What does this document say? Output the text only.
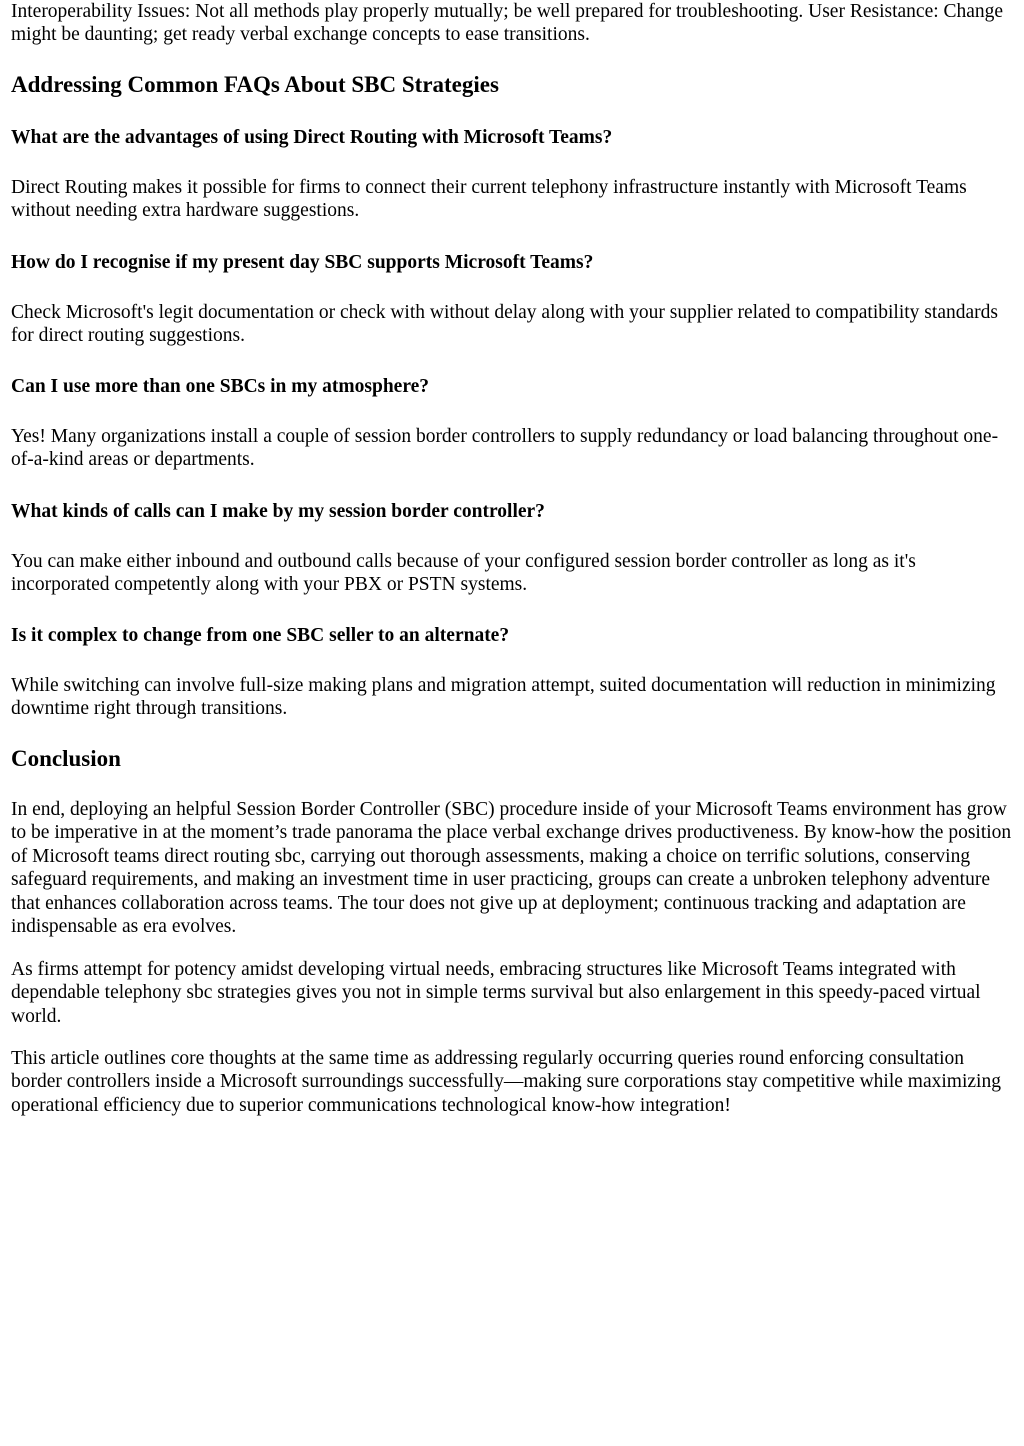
Interoperability Issues: Not all methods play properly mutually; be well prepared for troubleshooting. User Resistance: Change might be daunting; get ready verbal exchange concepts to ease transitions.

Addressing Common FAQs About SBC Strategies
What are the advantages of using Direct Routing with Microsoft Teams?

Direct Routing makes it possible for firms to connect their current telephony infrastructure instantly with Microsoft Teams without needing extra hardware suggestions.

How do I recognise if my present day SBC supports Microsoft Teams?

Check Microsoft's legit documentation or check with without delay along with your supplier related to compatibility standards for direct routing suggestions.

Can I use more than one SBCs in my atmosphere?

Yes! Many organizations install a couple of session border controllers to supply redundancy or load balancing throughout one-of-a-kind areas or departments.

What kinds of calls can I make by my session border controller?

You can make either inbound and outbound calls because of your configured session border controller as long as it's incorporated competently along with your PBX or PSTN systems.

Is it complex to change from one SBC seller to an alternate?

While switching can involve full-size making plans and migration attempt, suited documentation will reduction in minimizing downtime right through transitions.

Conclusion

In end, deploying an helpful Session Border Controller (SBC) procedure inside of your Microsoft Teams environment has grow to be imperative in at the moment’s trade panorama the place verbal exchange drives productiveness. By know-how the position of Microsoft teams direct routing sbc, carrying out thorough assessments, making a choice on terrific solutions, conserving safeguard requirements, and making an investment time in user practicing, groups can create a unbroken telephony adventure that enhances collaboration across teams. The tour does not give up at deployment; continuous tracking and adaptation are indispensable as era evolves.

As firms attempt for potency amidst developing virtual needs, embracing structures like Microsoft Teams integrated with dependable telephony sbc strategies gives you not in simple terms survival but also enlargement in this speedy-paced virtual world.

This article outlines core thoughts at the same time as addressing regularly occurring queries round enforcing consultation border controllers inside a Microsoft surroundings successfully—making sure corporations stay competitive while maximizing operational efficiency due to superior communications technological know-how integration!
